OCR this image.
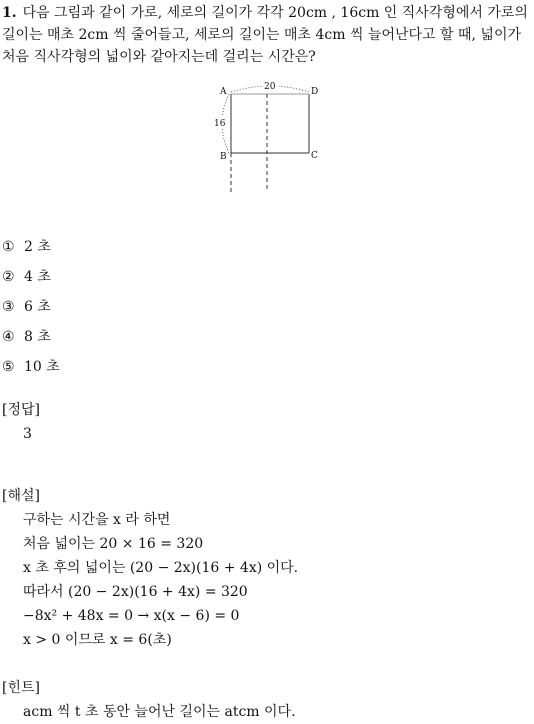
1. 다음 그림과 같이 가로, 세로의 길이가 각각 20cm , 16cm 인 직사각형에서 가로의 길이는 매초 2cm 씩 줄어들고, 세로의 길이는 매초 4cm 씩 늘어난다고 할 때, 넓이가 처음 직사각형의 넓이와 같아지는데 걸리는 시간은?

20
16
A
B	C
D
① 2 초
② 4 초
③ 6 초
④ 8 초
⑤ 10 초

[정답]

3

[해설]

구하는 시간을 x 라 하면
처음 넓이는 20 × 16 = 320
x 초 후의 넓이는 (20 − 2x)(16 + 4x) 이다.
따라서 (20 − 2x)(16 + 4x) = 320
−8x² + 48x = 0 → x(x − 6) = 0
x > 0 이므로 x = 6(초)

[힌트]

acm 씩 t 초 동안 늘어난 길이는 atcm 이다.
